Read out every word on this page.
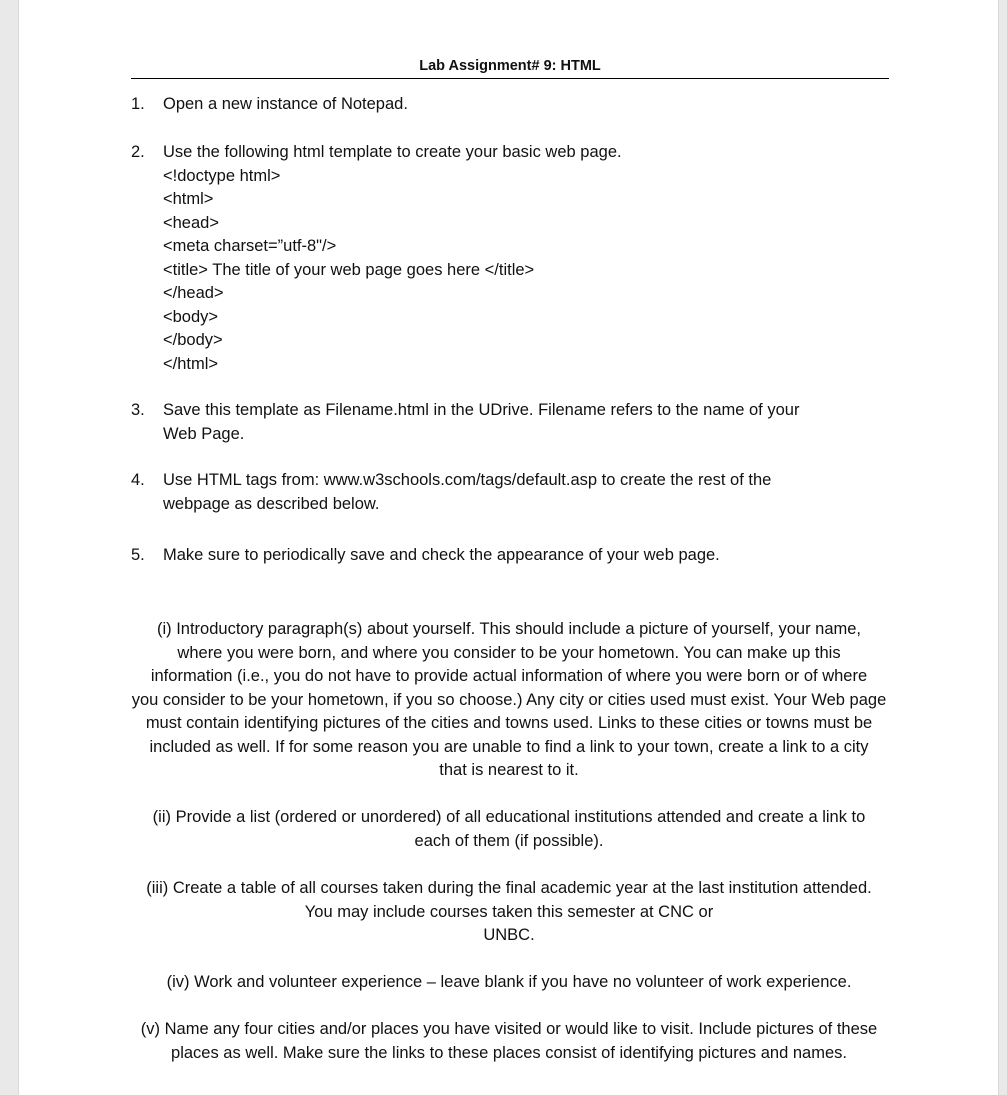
Lab Assignment# 9: HTML
1.	Open a new instance of Notepad.
2.	Use the following html template to create your basic web page.
<!doctype html>
<html>
<head>
<meta charset=”utf-8"/>
<title> The title of your web page goes here </title>
</head>
<body>
</body>
</html>
3.	Save this template as Filename.html in the UDrive. Filename refers to the name of your
Web Page.
4.	Use HTML tags from: www.w3schools.com/tags/default.asp to create the rest of the
webpage as described below.
5.	Make sure to periodically save and check the appearance of your web page.
(i) Introductory paragraph(s) about yourself. This should include a picture of yourself, your name,
where you were born, and where you consider to be your hometown. You can make up this
information (i.e., you do not have to provide actual information of where you were born or of where
you consider to be your hometown, if you so choose.) Any city or cities used must exist. Your Web page
must contain identifying pictures of the cities and towns used. Links to these cities or towns must be
included as well. If for some reason you are unable to find a link to your town, create a link to a city
that is nearest to it.
(ii) Provide a list (ordered or unordered) of all educational institutions attended and create a link to
each of them (if possible).
(iii) Create a table of all courses taken during the final academic year at the last institution attended.
You may include courses taken this semester at CNC or
UNBC.
(iv) Work and volunteer experience – leave blank if you have no volunteer of work experience.
(v) Name any four cities and/or places you have visited or would like to visit. Include pictures of these
places as well. Make sure the links to these places consist of identifying pictures and names.
